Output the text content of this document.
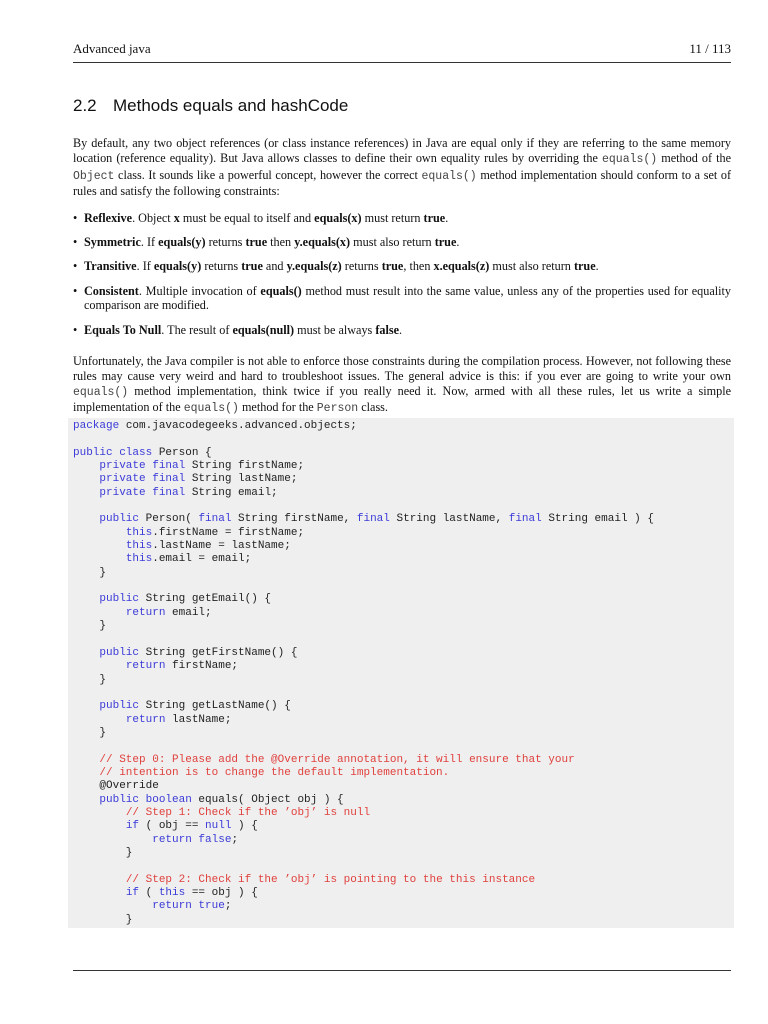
Advanced java	11 / 113
2.2 Methods equals and hashCode

By default, any two object references (or class instance references) in Java are equal only if they are referring to the same memory location (reference equality). But Java allows classes to define their own equality rules by overriding the equals() method of the Object class. It sounds like a powerful concept, however the correct equals() method implementation should conform to a set of rules and satisfy the following constraints:

• Reflexive. Object x must be equal to itself and equals(x) must return true.
• Symmetric. If equals(y) returns true then y.equals(x) must also return true.
• Transitive. If equals(y) returns true and y.equals(z) returns true, then x.equals(z) must also return true.
• Consistent. Multiple invocation of equals() method must result into the same value, unless any of the properties used for equality comparison are modified.
• Equals To Null. The result of equals(null) must be always false.

Unfortunately, the Java compiler is not able to enforce those constraints during the compilation process. However, not following these rules may cause very weird and hard to troubleshoot issues. The general advice is this: if you ever are going to write your own equals() method implementation, think twice if you really need it. Now, armed with all these rules, let us write a simple implementation of the equals() method for the Person class.

package com.javacodegeeks.advanced.objects;

public class Person {
private final String firstName;
private final String lastName;
private final String email;

public Person( final String firstName, final String lastName, final String email ) {
this.firstName = firstName;
this.lastName = lastName;
this.email = email;
}

public String getEmail() {
return email;
}

public String getFirstName() {
return firstName;
}

public String getLastName() {
return lastName;
}

// Step 0: Please add the @Override annotation, it will ensure that your
// intention is to change the default implementation.
@Override
public boolean equals( Object obj ) {
// Step 1: Check if the ’obj’ is null
if ( obj == null ) {
return false;
}

// Step 2: Check if the ’obj’ is pointing to the this instance
if ( this == obj ) {
return true;
}
